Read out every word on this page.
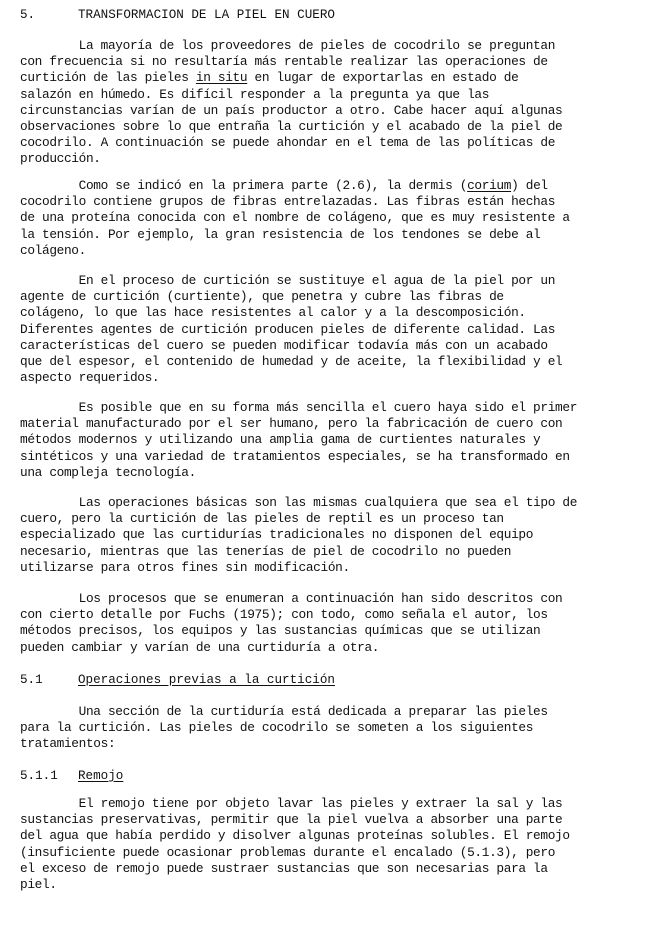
5.	TRANSFORMACION DE LA PIEL EN CUERO
La mayoría de los proveedores de pieles de cocodrilo se preguntan
con frecuencia si no resultaría más rentable realizar las operaciones de
curtición de las pieles in situ en lugar de exportarlas en estado de
salazón en húmedo. Es difícil responder a la pregunta ya que las
circunstancias varían de un país productor a otro. Cabe hacer aquí algunas
observaciones sobre lo que entraña la curtición y el acabado de la piel de
cocodrilo. A continuación se puede ahondar en el tema de las políticas de
producción.
Como se indicó en la primera parte (2.6), la dermis (corium) del
cocodrilo contiene grupos de fibras entrelazadas. Las fibras están hechas
de una proteína conocida con el nombre de colágeno, que es muy resistente a
la tensión. Por ejemplo, la gran resistencia de los tendones se debe al
colágeno.
En el proceso de curtición se sustituye el agua de la piel por un
agente de curtición (curtiente), que penetra y cubre las fibras de
colágeno, lo que las hace resistentes al calor y a la descomposición.
Diferentes agentes de curtición producen pieles de diferente calidad. Las
características del cuero se pueden modificar todavía más con un acabado
que del espesor, el contenido de humedad y de aceite, la flexibilidad y el
aspecto requeridos.
Es posible que en su forma más sencilla el cuero haya sido el primer
material manufacturado por el ser humano, pero la fabricación de cuero con
métodos modernos y utilizando una amplia gama de curtientes naturales y
sintéticos y una variedad de tratamientos especiales, se ha transformado en
una compleja tecnología.
Las operaciones básicas son las mismas cualquiera que sea el tipo de
cuero, pero la curtición de las pieles de reptil es un proceso tan
especializado que las curtidurías tradicionales no disponen del equipo
necesario, mientras que las tenerías de piel de cocodrilo no pueden
utilizarse para otros fines sin modificación.
Los procesos que se enumeran a continuación han sido descritos con
con cierto detalle por Fuchs (1975); con todo, como señala el autor, los
métodos precisos, los equipos y las sustancias químicas que se utilizan
pueden cambiar y varían de una curtiduría a otra.
5.1	Operaciones previas a la curtición
Una sección de la curtiduría está dedicada a preparar las pieles
para la curtición. Las pieles de cocodrilo se someten a los siguientes
tratamientos:
5.1.1 Remojo
El remojo tiene por objeto lavar las pieles y extraer la sal y las
sustancias preservativas, permitir que la piel vuelva a absorber una parte
del agua que había perdido y disolver algunas proteínas solubles. El remojo
(insuficiente puede ocasionar problemas durante el encalado (5.1.3), pero
el exceso de remojo puede sustraer sustancias que son necesarias para la
piel.
